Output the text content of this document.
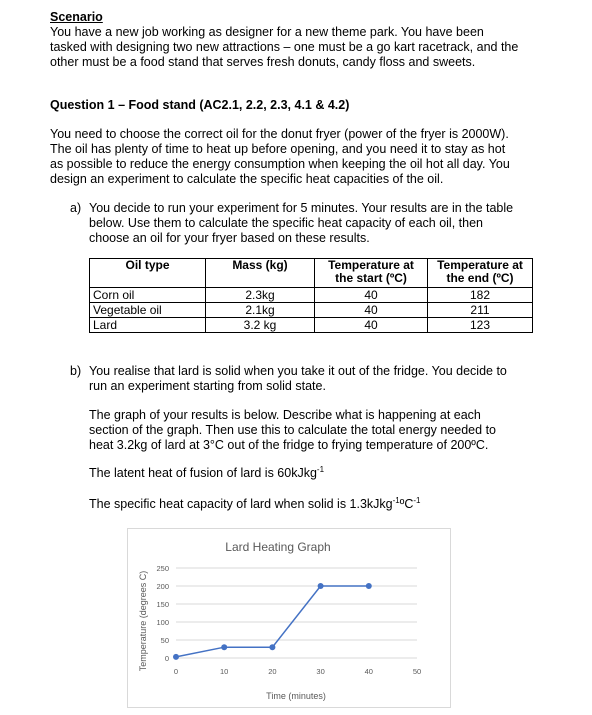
Scenario
You have a new job working as designer for a new theme park. You have been
tasked with designing two new attractions – one must be a go kart racetrack, and the
other must be a food stand that serves fresh donuts, candy floss and sweets.
Question 1 – Food stand (AC2.1, 2.2, 2.3, 4.1 & 4.2)
You need to choose the correct oil for the donut fryer (power of the fryer is 2000W).
The oil has plenty of time to heat up before opening, and you need it to stay as hot
as possible to reduce the energy consumption when keeping the oil hot all day. You
design an experiment to calculate the specific heat capacities of the oil.
a) You decide to run your experiment for 5 minutes. Your results are in the table
below. Use them to calculate the specific heat capacity of each oil, then
choose an oil for your fryer based on these results.
Oil type	Mass (kg)	Temperature at the start (ºC)	Temperature at the end (ºC)
Corn oil	2.3kg	40	182
Vegetable oil	2.1kg	40	211
Lard	3.2 kg	40	123
b) You realise that lard is solid when you take it out of the fridge. You decide to
run an experiment starting from solid state.
The graph of your results is below. Describe what is happening at each
section of the graph. Then use this to calculate the total energy needed to
heat 3.2kg of lard at 3°C out of the fridge to frying temperature of 200ºC.
The latent heat of fusion of lard is 60kJkg$^{-1}$
The specific heat capacity of lard when solid is 1.3kJkg$^{-1}$ºC$^{-1}$
Lard Heating Graph
Temperature (degrees C)
Time (minutes)
0
50
100
150
200
250
0	10	20	30	40	50
